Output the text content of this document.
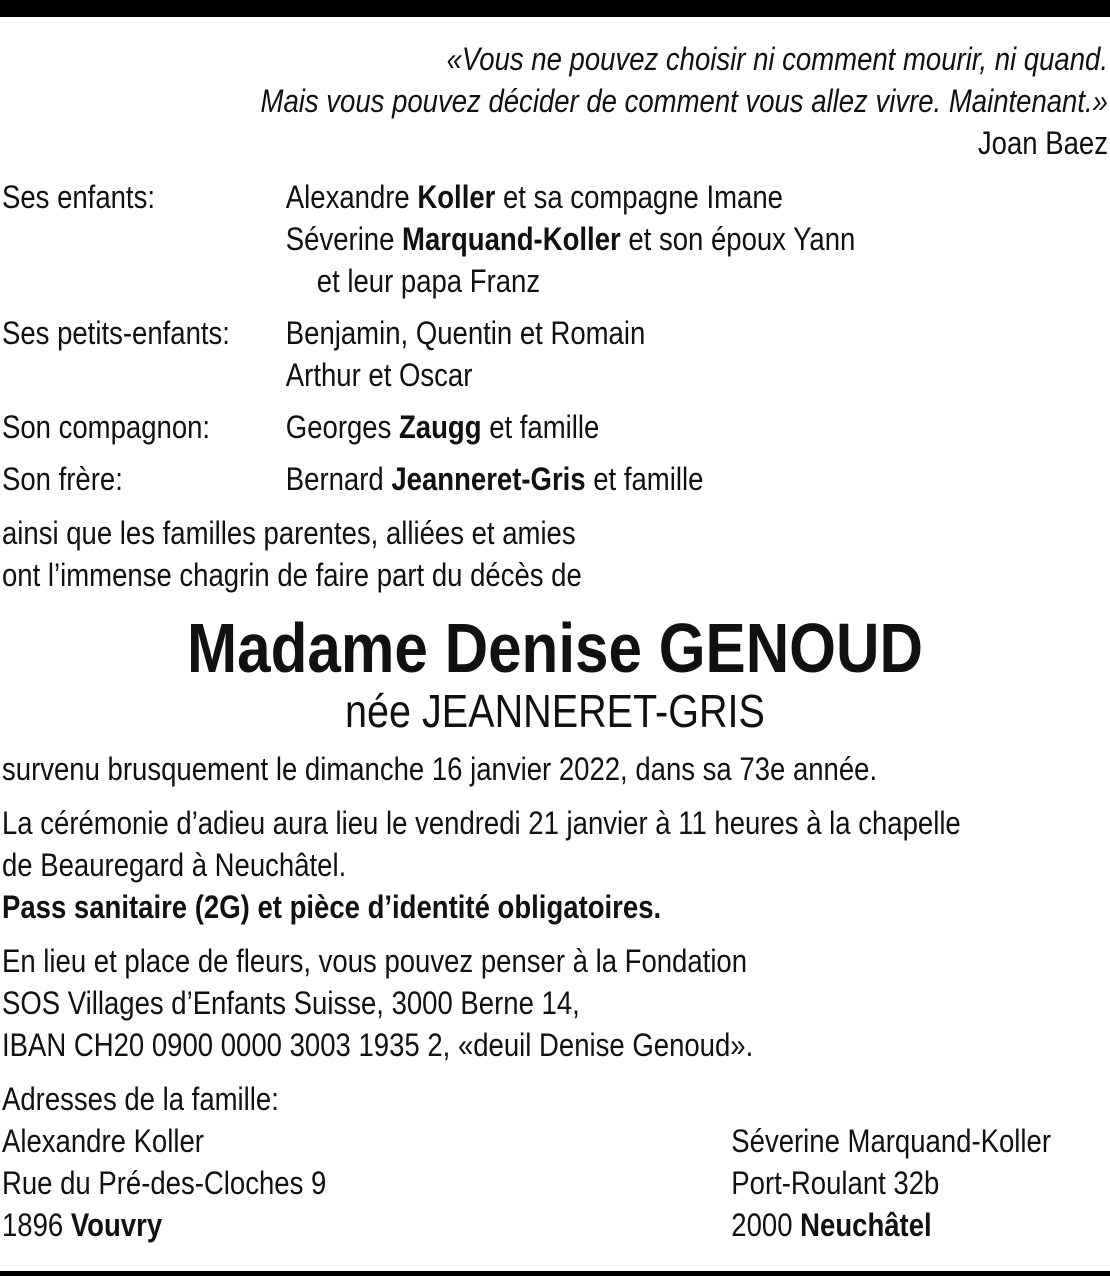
«Vous ne pouvez choisir ni comment mourir, ni quand.
Mais vous pouvez décider de comment vous allez vivre. Maintenant.»
Joan Baez
Ses enfants:	Alexandre Koller et sa compagne Imane
Séverine Marquand-Koller et son époux Yann
et leur papa Franz
Ses petits-enfants:	Benjamin, Quentin et Romain
Arthur et Oscar
Son compagnon:	Georges Zaugg et famille
Son frère:	Bernard Jeanneret-Gris et famille
ainsi que les familles parentes, alliées et amies
ont l’immense chagrin de faire part du décès de
Madame Denise GENOUD
née JEANNERET-GRIS
survenu brusquement le dimanche 16 janvier 2022, dans sa 73e année.
La cérémonie d’adieu aura lieu le vendredi 21 janvier à 11 heures à la chapelle
de Beauregard à Neuchâtel.
Pass sanitaire (2G) et pièce d’identité obligatoires.
En lieu et place de fleurs, vous pouvez penser à la Fondation
SOS Villages d’Enfants Suisse, 3000 Berne 14,
IBAN CH20 0900 0000 3003 1935 2, «deuil Denise Genoud».
Adresses de la famille:
Alexandre Koller
Rue du Pré-des-Cloches 9
1896 Vouvry
Séverine Marquand-Koller
Port-Roulant 32b
2000 Neuchâtel
